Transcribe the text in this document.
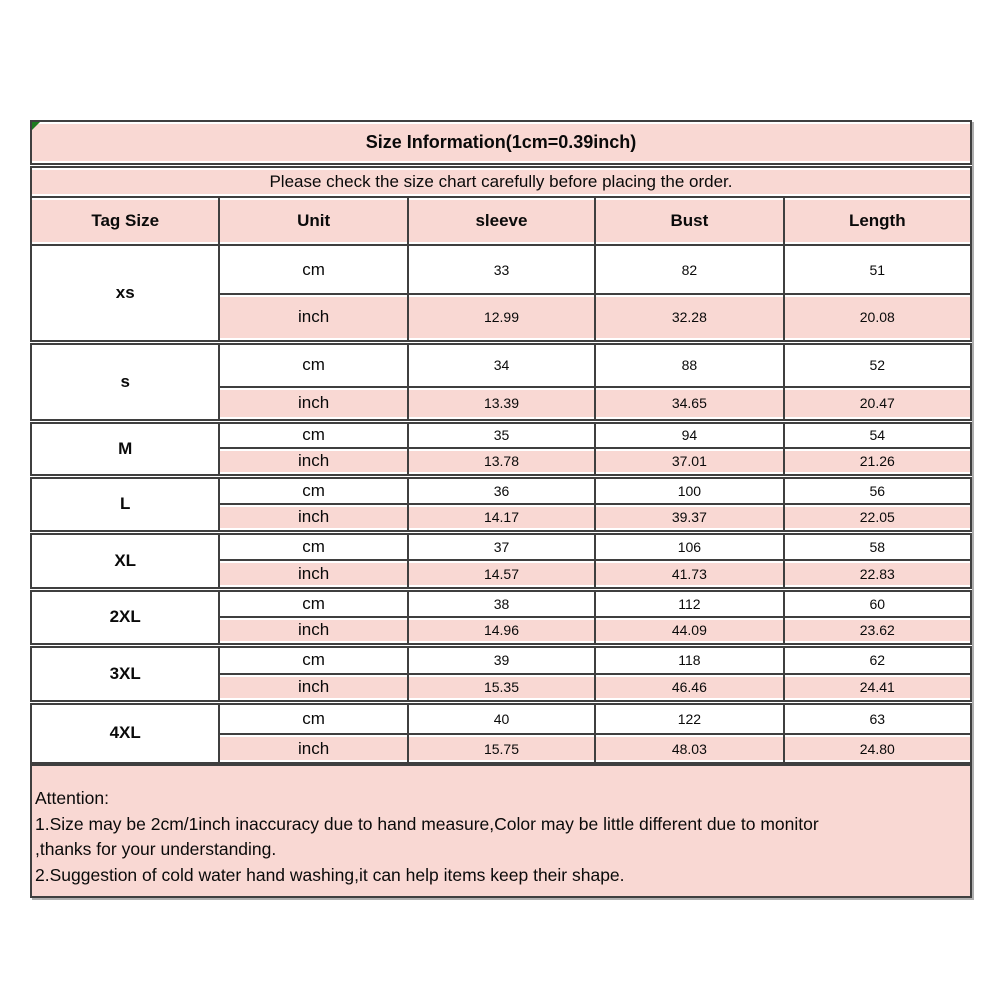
Size Information(1cm=0.39inch)				
Please check the size chart carefully before placing the order.				
Tag Size	Unit	sleeve	Bust	Length
xs	cm	33	82	51
	inch	12.99	32.28	20.08
s	cm	34	88	52
	inch	13.39	34.65	20.47
M	cm	35	94	54
	inch	13.78	37.01	21.26
L	cm	36	100	56
	inch	14.17	39.37	22.05
XL	cm	37	106	58
	inch	14.57	41.73	22.83
2XL	cm	38	112	60
	inch	14.96	44.09	23.62
3XL	cm	39	118	62
	inch	15.35	46.46	24.41
4XL	cm	40	122	63
	inch	15.75	48.03	24.80
Attention:
1.Size may be 2cm/1inch inaccuracy due to hand measure,Color may be little different due to monitor
,thanks for your understanding.
2.Suggestion of cold water hand washing,it can help items keep their shape.
